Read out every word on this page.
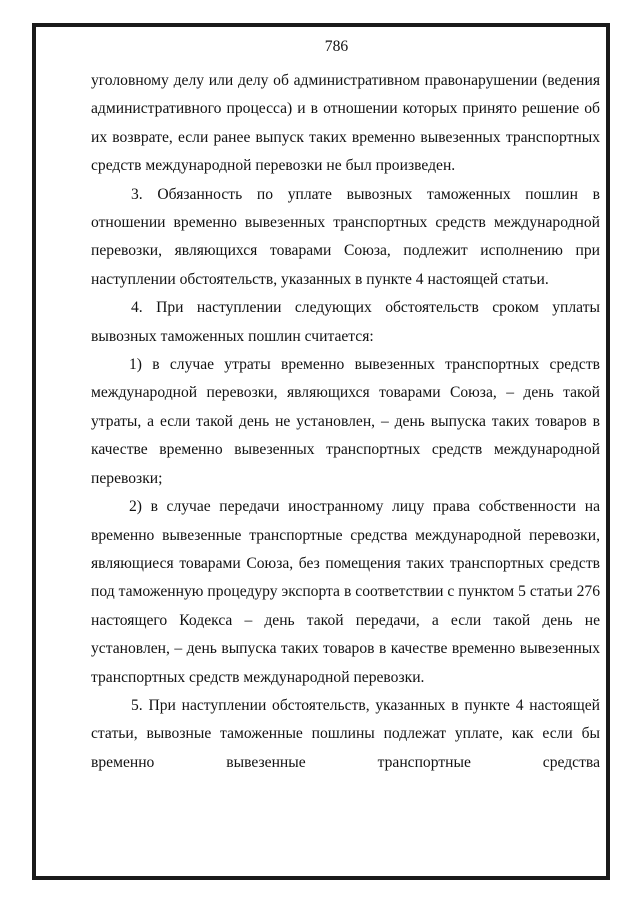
786

уголовному делу или делу об административном правонарушении (ведения административного процесса) и в отношении которых принято решение об их возврате, если ранее выпуск таких временно вывезенных транспортных средств международной перевозки не был произведен.

3. Обязанность по уплате вывозных таможенных пошлин в отношении временно вывезенных транспортных средств международной перевозки, являющихся товарами Союза, подлежит исполнению при наступлении обстоятельств, указанных в пункте 4 настоящей статьи.

4. При наступлении следующих обстоятельств сроком уплаты вывозных таможенных пошлин считается:

1) в случае утраты временно вывезенных транспортных средств международной перевозки, являющихся товарами Союза, – день такой утраты, а если такой день не установлен, – день выпуска таких товаров в качестве временно вывезенных транспортных средств международной перевозки;

2) в случае передачи иностранному лицу права собственности на временно вывезенные транспортные средства международной перевозки, являющиеся товарами Союза, без помещения таких транспортных средств под таможенную процедуру экспорта в соответствии с пунктом 5 статьи 276 настоящего Кодекса – день такой передачи, а если такой день не установлен, – день выпуска таких товаров в качестве временно вывезенных транспортных средств международной перевозки.

5. При наступлении обстоятельств, указанных в пункте 4 настоящей статьи, вывозные таможенные пошлины подлежат уплате, как если бы временно вывезенные транспортные средства
